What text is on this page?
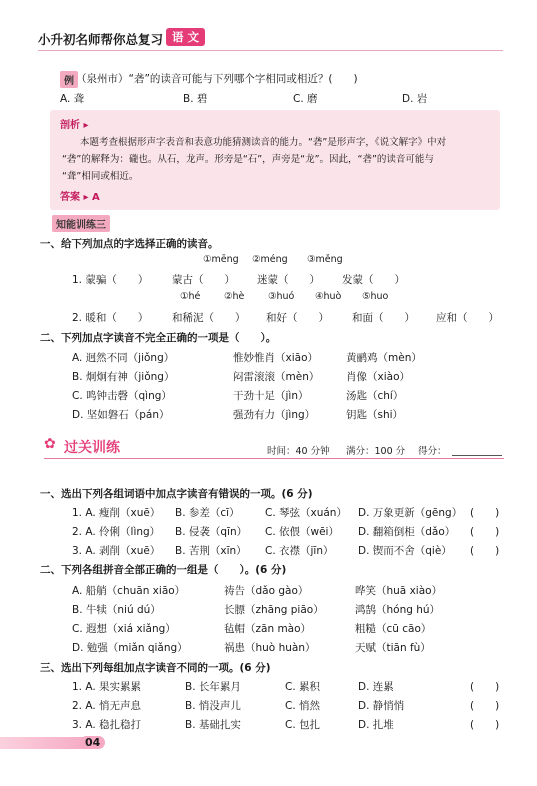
小升初名师帮你总复习 语 文
例 （泉州市）“砻”的读音可能与下列哪个字相同或相近？(　　)
A. 聋	B. 碧	C. 磨	D. 岩
剖析 ▸
本题考查根据形声字表音和表意功能猜测读音的能力。“砻”是形声字，《说文解字》中对
“砻”的解释为：礲也。从石，龙声。形旁是“石”，声旁是“龙”。因此，“砻”的读音可能与
“聋”相同或相近。
答案 ▸ A
知能训练三
一、给下列加点的字选择正确的读音。
①mēng ②méng ③měng
1. 蒙骗（　　） 蒙古（　　） 迷蒙（　　） 发蒙（　　）
①hé ②hè ③huó ④huò ⑤huo
2. 暖和（　　） 和稀泥（　　） 和好（　　） 和面（　　） 应和（　　）
二、下列加点字读音不完全正确的一项是（　　）。
A. 迥然不同（jiǒng）	惟妙惟肖（xiāo）	黄鹂鸡（mèn）
B. 炯炯有神（jiǒng）	闷雷滚滚（mèn）	肖像（xiào）
C. 鸣钟击磬（qìng）	干劲十足（jìn）	汤匙（chí）
D. 坚如磐石（pán）	强劲有力（jìng）	钥匙（shi）
✿ 过关训练	时间：40 分钟 满分：100 分 得分：
一、选出下列各组词语中加点字读音有错误的一项。(6 分)
1. A. 瘦削（xuē） B. 参差（cī） C. 琴弦（xuán） D. 万象更新（gēng） (　　)
2. A. 伶俐（lìng） B. 侵袭（qīn） C. 依偎（wēi） D. 翻箱倒柜（dǎo） (　　)
3. A. 剥削（xuē） B. 苦荆（xīn） C. 衣襟（jīn） D. 锲而不舍（qiè） (　　)
二、下列各组拼音全部正确的一组是（　　）。(6 分)
A. 船艄（chuān xiāo）	祷告（dǎo gào）	哗笑（huā xiào）
B. 牛犊（niú dú）	长膘（zhāng piāo）	鸿鹄（hóng hú）
C. 遐想（xiá xiǎng）	毡帽（zān mào）	粗糙（cū cāo）
D. 勉强（miǎn qiǎng）	祸患（huò huàn）	天赋（tiān fù）
三、选出下列每组加点字读音不同的一项。(6 分)
1. A. 果实累累	B. 长年累月	C. 累积	D. 连累	(　　)
2. A. 悄无声息	B. 悄没声儿	C. 悄然	D. 静悄悄	(　　)
3. A. 稳扎稳打	B. 基础扎实	C. 包扎	D. 扎堆	(　　)
04
